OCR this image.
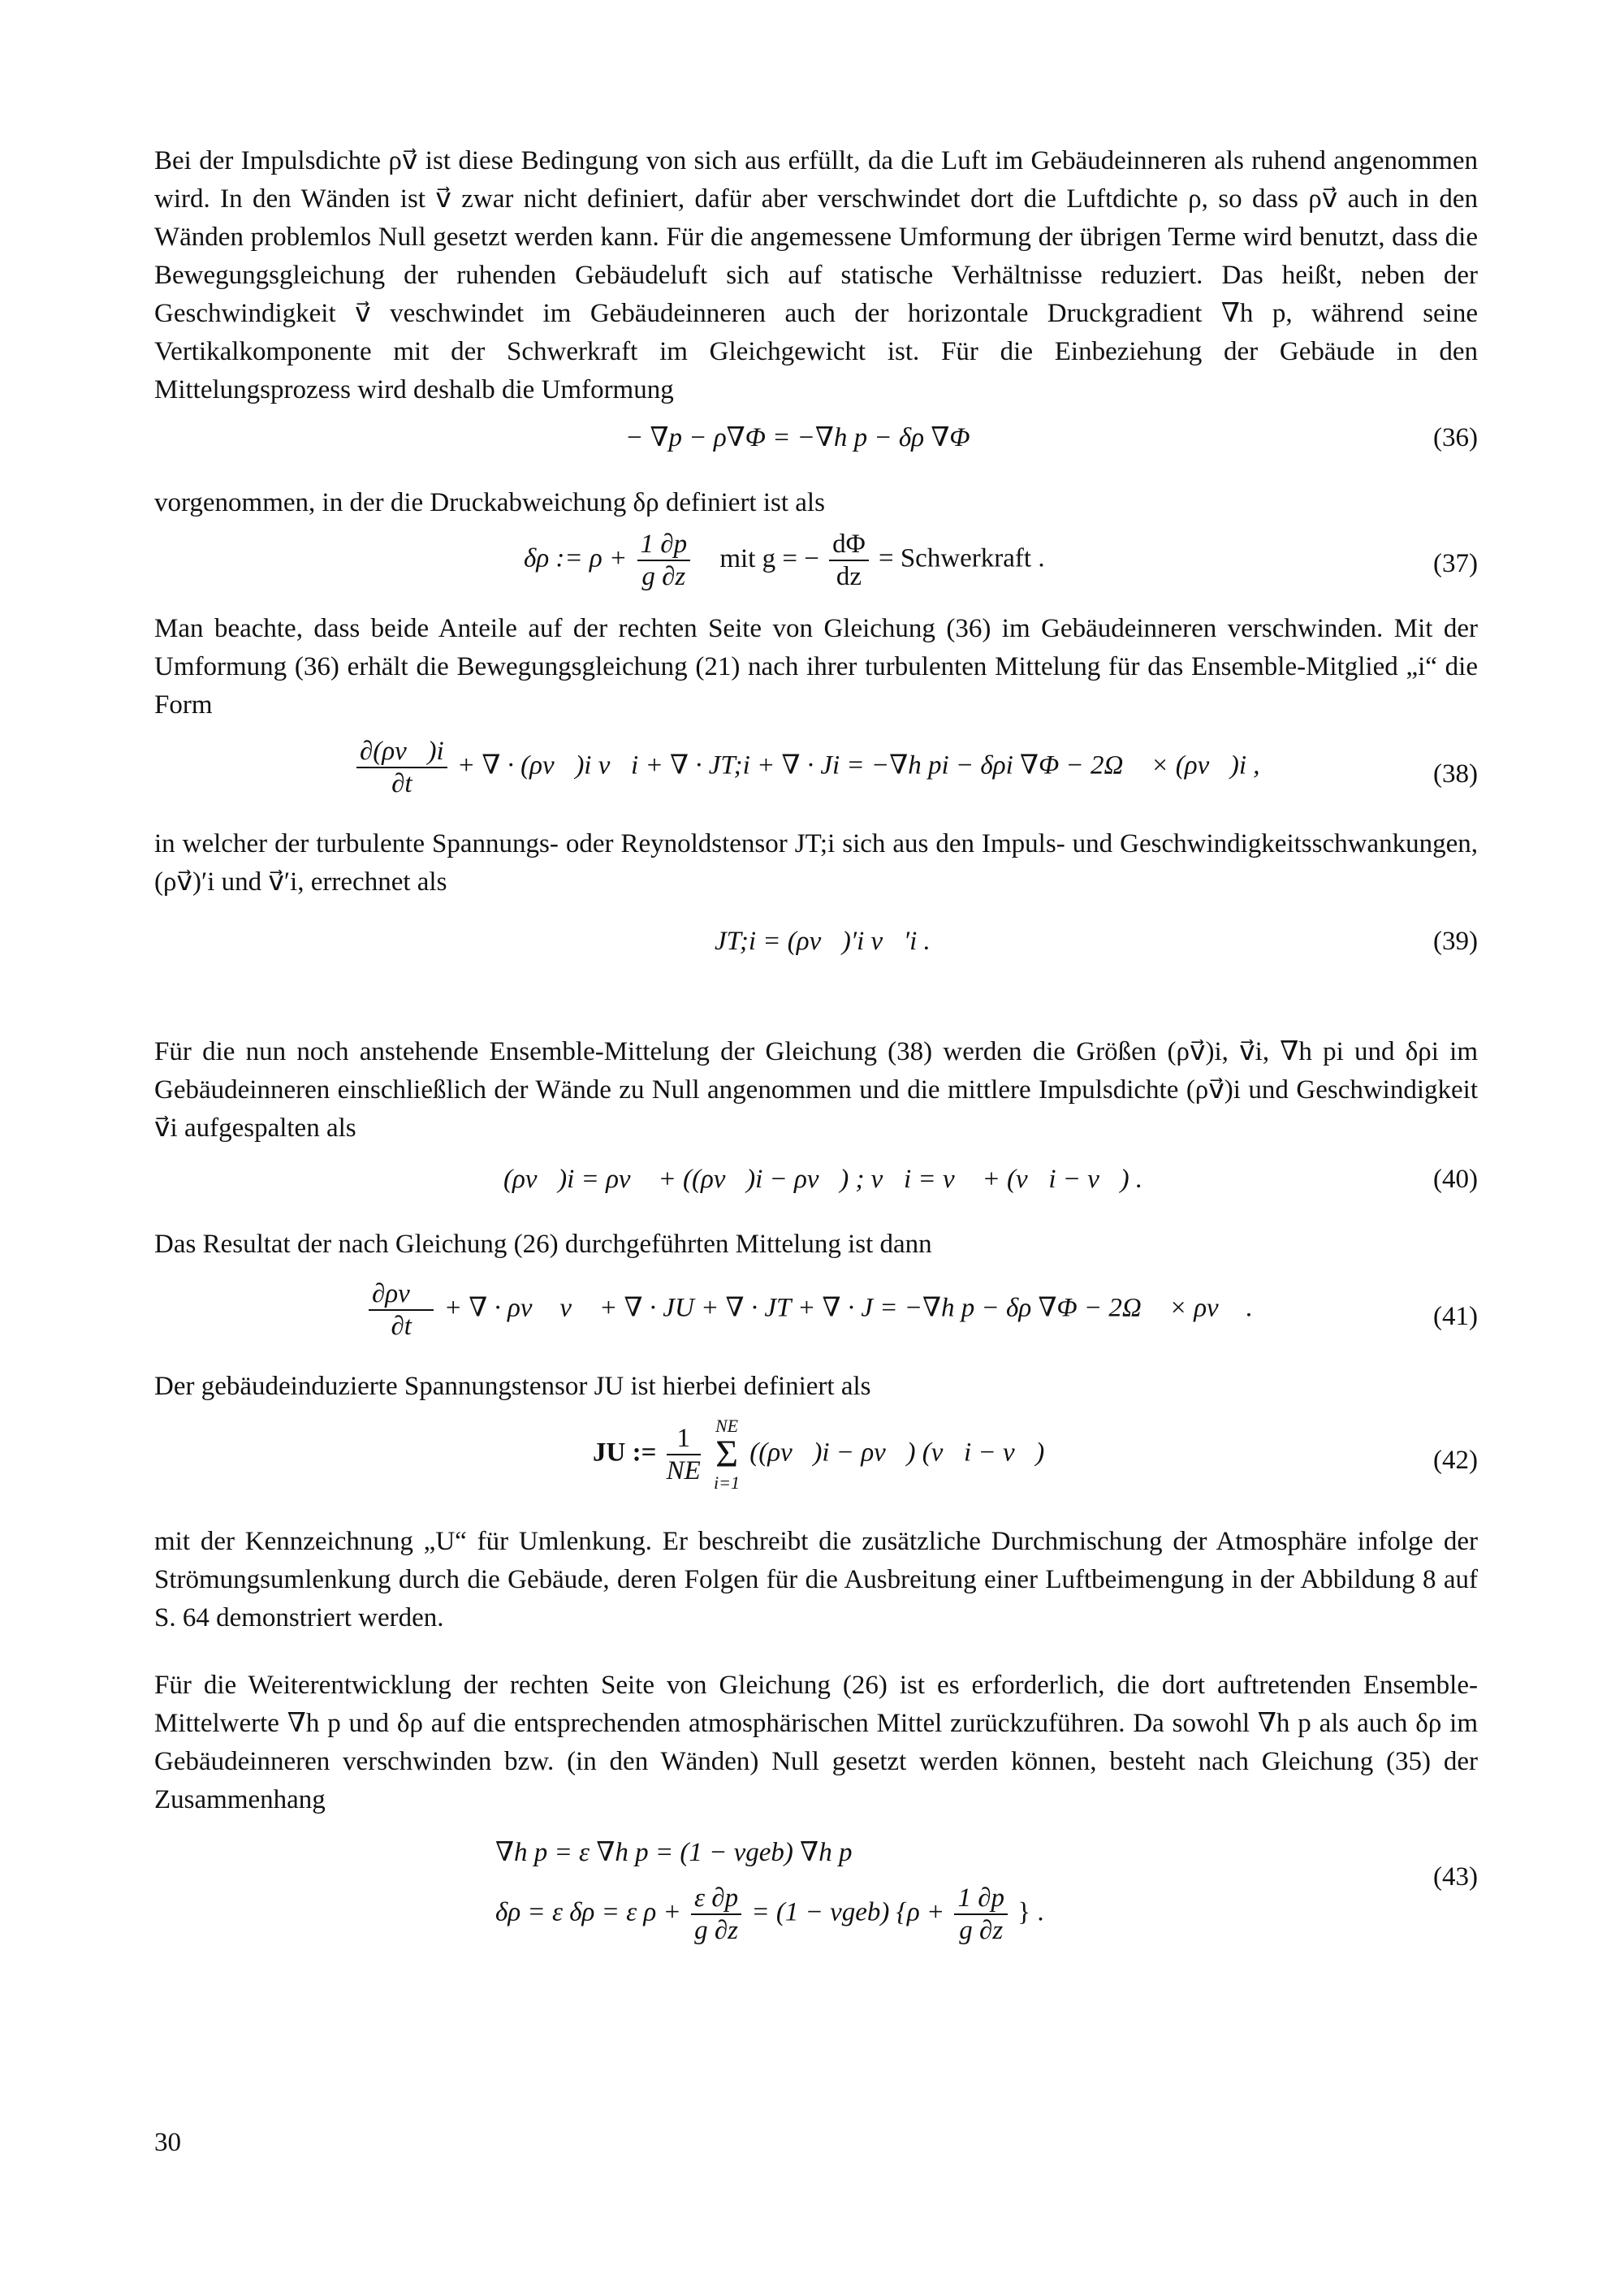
Bei der Impulsdichte ρv⃗ ist diese Bedingung von sich aus erfüllt, da die Luft im Gebäudeinneren als ruhend angenommen wird. In den Wänden ist v⃗ zwar nicht definiert, dafür aber verschwindet dort die Luftdichte ρ, so dass ρv⃗ auch in den Wänden problemlos Null gesetzt werden kann. Für die angemessene Umformung der übrigen Terme wird benutzt, dass die Bewegungsgleichung der ruhenden Gebäudeluft sich auf statische Verhältnisse reduziert. Das heißt, neben der Geschwindigkeit v⃗ veschwindet im Gebäudeinneren auch der horizontale Druckgradient ∇h p, während seine Vertikalkomponente mit der Schwerkraft im Gleichgewicht ist. Für die Einbeziehung der Gebäude in den Mittelungsprozess wird deshalb die Umformung

− ∇p − ρ∇Φ = −∇h p − δρ ∇Φ	(36)

vorgenommen, in der die Druckabweichung δρ definiert ist als

δρ := $\rho + \frac{1 \partial p}{g \partial z}$ mit g = − $\frac{d\Phi}{dz}$ = Schwerkraft .	(37)

Man beachte, dass beide Anteile auf der rechten Seite von Gleichung (36) im Gebäudeinneren verschwinden. Mit der Umformung (36) erhält die Bewegungsgleichung (21) nach ihrer turbulenten Mittelung für das Ensemble-Mitglied „i“ die Form

$\frac{\partial(\rho v⃗)i}{\partial t}$ + ∇ · (ρv⃗)i v⃗i + ∇ · JT;i + ∇ · Ji = −∇h pi − δρi ∇Φ − 2Ω⃗ × (ρv⃗)i ,	(38)

in welcher der turbulente Spannungs- oder Reynoldstensor JT;i sich aus den Impuls- und Geschwindigkeitsschwankungen, (ρv⃗)′i und v⃗′i, errechnet als

JT;i = (ρv⃗)′i v⃗′i .	(39)

Für die nun noch anstehende Ensemble-Mittelung der Gleichung (38) werden die Größen (ρv⃗)i, v⃗i, ∇h pi und δρi im Gebäudeinneren einschließlich der Wände zu Null angenommen und die mittlere Impulsdichte (ρv⃗)i und Geschwindigkeit v⃗i aufgespalten als

(ρv⃗)i = ρv⃗ + ((ρv⃗)i − ρv⃗) ; v⃗i = v⃗ + (v⃗i − v⃗) .	(40)

Das Resultat der nach Gleichung (26) durchgeführten Mittelung ist dann

$\frac{\partial\rho v⃗}{\partial t}$ + ∇ · ρv⃗ v⃗ + ∇ · JU + ∇ · JT + ∇ · J = −∇h p − δρ ∇Φ − 2Ω⃗ × ρv⃗ .	(41)

Der gebäudeinduzierte Spannungstensor JU ist hierbei definiert als

JU := $\frac{1}{NE}$
NE
Σ
i=1
((ρv⃗)i − ρv⃗) (v⃗i − v⃗)	(42)

mit der Kennzeichnung „U“ für Umlenkung. Er beschreibt die zusätzliche Durchmischung der Atmosphäre infolge der Strömungsumlenkung durch die Gebäude, deren Folgen für die Ausbreitung einer Luftbeimengung in der Abbildung 8 auf S. 64 demonstriert werden.

Für die Weiterentwicklung der rechten Seite von Gleichung (26) ist es erforderlich, die dort auftretenden Ensemble-Mittelwerte ∇h p und δρ auf die entsprechenden atmosphärischen Mittel zurückzuführen. Da sowohl ∇h p als auch δρ im Gebäudeinneren verschwinden bzw. (in den Wänden) Null gesetzt werden können, besteht nach Gleichung (35) der Zusammenhang

∇h p = ε ∇h p = (1 − νgeb) ∇h p
δρ = ε δρ = ε $\rho + \frac{\varepsilon \partial p}{g \partial z} = (1 - \nu geb) \{\rho + \frac{1 \partial p}{g \partial z}$ } .
(43)
30
